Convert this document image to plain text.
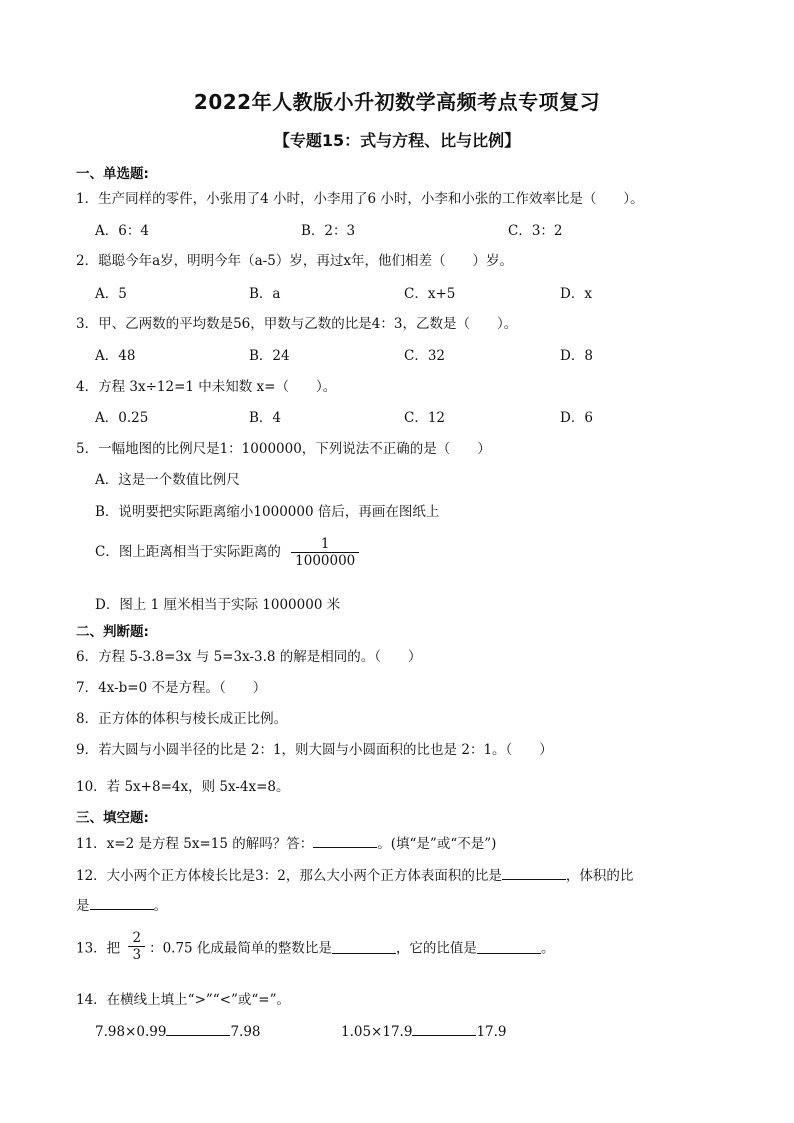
2022年人教版小升初数学高频考点专项复习
【专题15：式与方程、比与比例】
一、单选题:
1．生产同样的零件，小张用了4 小时，小李用了6 小时，小李和小张的工作效率比是（　　）。
A．6：4	B．2：3	C．3：2
2．聪聪今年a岁，明明今年（a-5）岁，再过x年，他们相差（　　）岁。
A．5	B．a	C．x+5	D．x
3．甲、乙两数的平均数是56，甲数与乙数的比是4：3，乙数是（　　）。
A．48	B．24	C．32	D．8
4．方程 3x÷12=1 中未知数 x=（　　）。
A．0.25	B．4	C．12	D．6
5．一幅地图的比例尺是1：1000000，下列说法不正确的是（　　）
A．这是一个数值比例尺
B．说明要把实际距离缩小1000000 倍后，再画在图纸上
C．图上距离相当于实际距离的 $\frac{1}{1000000}$
D．图上 1 厘米相当于实际 1000000 米
二、判断题:
6．方程 5-3.8=3x 与 5=3x-3.8 的解是相同的。（　　）
7．4x-b=0 不是方程。（　　）
8．正方体的体积与棱长成正比例。
9．若大圆与小圆半径的比是 2：1，则大圆与小圆面积的比也是 2：1。（　　）
10．若 5x+8=4x，则 5x-4x=8。
三、填空题:
11．x=2 是方程 5x=15 的解吗？答：	。(填“是”或“不是”)
12．大小两个正方体棱长比是3：2，那么大小两个正方体表面积的比是	，体积的比
是	。
13．把 $\frac{2}{3}$ ：0.75 化成最简单的整数比是	，它的比值是	。
14．在横线上填上“>”“<”或“=”。
7.98×0.99	7.98	1.05×17.9	17.9
